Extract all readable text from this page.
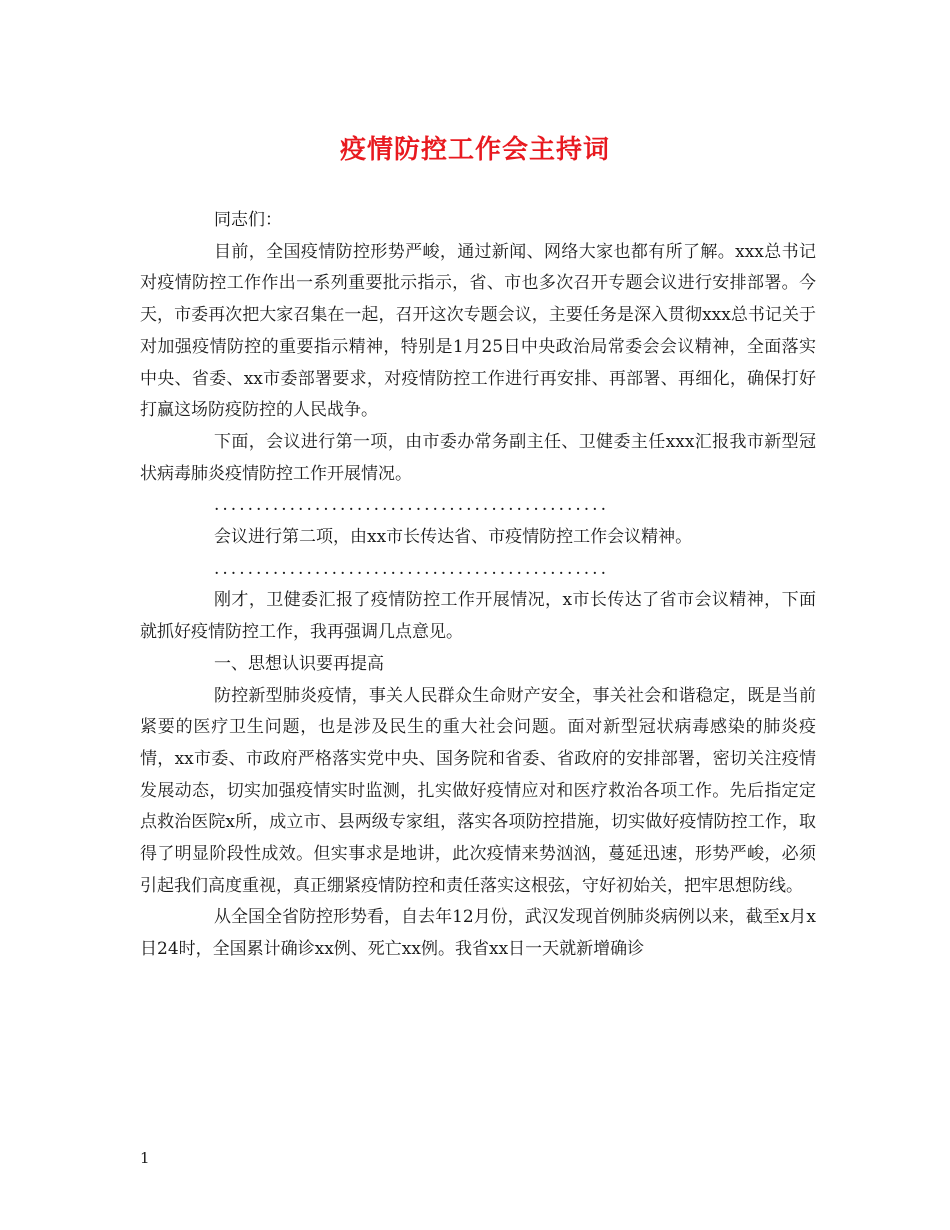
疫情防控工作会主持词

同志们：

目前，全国疫情防控形势严峻，通过新闻、网络大家也都有所了解。xxx总书记对疫情防控工作作出一系列重要批示指示，省、市也多次召开专题会议进行安排部署。今天，市委再次把大家召集在一起，召开这次专题会议，主要任务是深入贯彻xxx总书记关于对加强疫情防控的重要指示精神，特别是1月25日中央政治局常委会会议精神，全面落实中央、省委、xx市委部署要求，对疫情防控工作进行再安排、再部署、再细化，确保打好打赢这场防疫防控的人民战争。

下面，会议进行第一项，由市委办常务副主任、卫健委主任xxx汇报我市新型冠状病毒肺炎疫情防控工作开展情况。

...............................................

会议进行第二项，由xx市长传达省、市疫情防控工作会议精神。

...............................................

刚才，卫健委汇报了疫情防控工作开展情况，x市长传达了省市会议精神，下面就抓好疫情防控工作，我再强调几点意见。

一、思想认识要再提高

防控新型肺炎疫情，事关人民群众生命财产安全，事关社会和谐稳定，既是当前紧要的医疗卫生问题，也是涉及民生的重大社会问题。面对新型冠状病毒感染的肺炎疫情，xx市委、市政府严格落实党中央、国务院和省委、省政府的安排部署，密切关注疫情发展动态，切实加强疫情实时监测，扎实做好疫情应对和医疗救治各项工作。先后指定定点救治医院x所，成立市、县两级专家组，落实各项防控措施，切实做好疫情防控工作，取得了明显阶段性成效。但实事求是地讲，此次疫情来势汹汹，蔓延迅速，形势严峻，必须引起我们高度重视，真正绷紧疫情防控和责任落实这根弦，守好初始关，把牢思想防线。

从全国全省防控形势看，自去年12月份，武汉发现首例肺炎病例以来，截至x月x日24时，全国累计确诊xx例、死亡xx例。我省xx日一天就新增确诊

1
